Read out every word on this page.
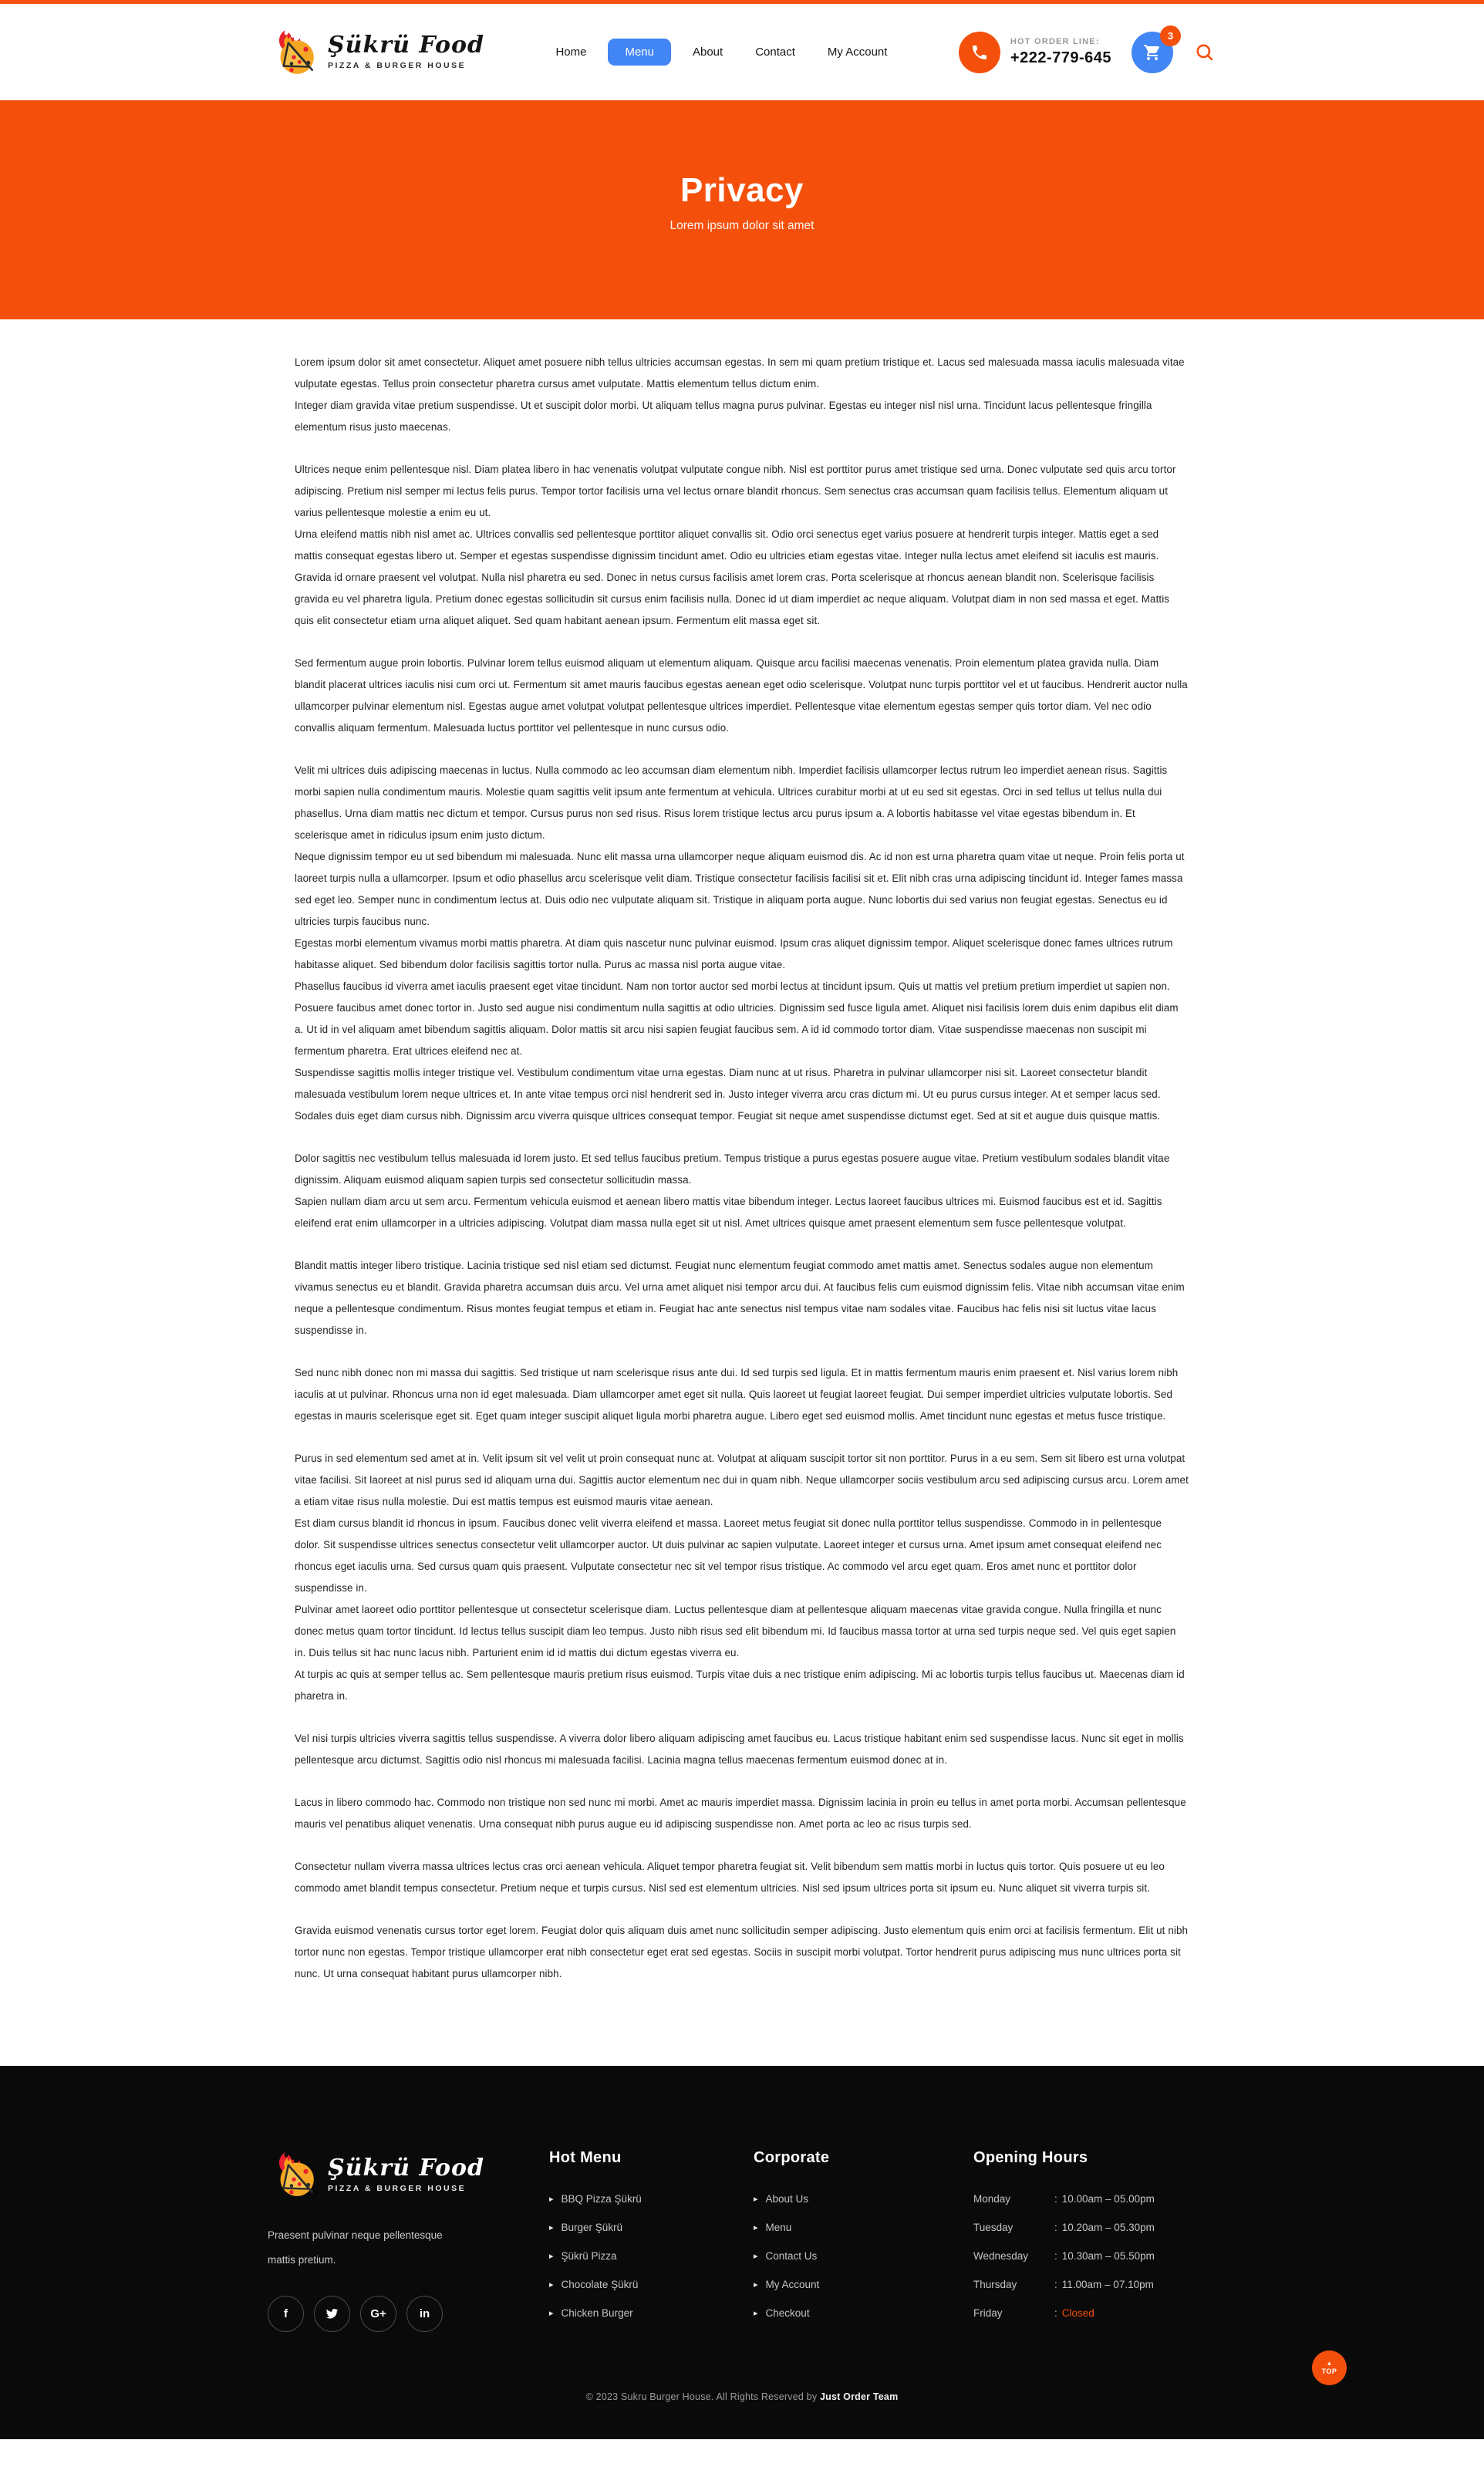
Şükrü Food
PIZZA & BURGER HOUSE
Home	Menu	About	Contact	My Account
HOT ORDER LINE:
+222-779-645
3
Privacy

Lorem ipsum dolor sit amet

Lorem ipsum dolor sit amet consectetur. Aliquet amet posuere nibh tellus ultricies accumsan egestas. In sem mi quam pretium tristique et. Lacus sed malesuada massa iaculis malesuada vitae vulputate egestas. Tellus proin consectetur pharetra cursus amet vulputate. Mattis elementum tellus dictum enim.

Integer diam gravida vitae pretium suspendisse. Ut et suscipit dolor morbi. Ut aliquam tellus magna purus pulvinar. Egestas eu integer nisl nisl urna. Tincidunt lacus pellentesque fringilla elementum risus justo maecenas.

Ultrices neque enim pellentesque nisl. Diam platea libero in hac venenatis volutpat vulputate congue nibh. Nisl est porttitor purus amet tristique sed urna. Donec vulputate sed quis arcu tortor adipiscing. Pretium nisl semper mi lectus felis purus. Tempor tortor facilisis urna vel lectus ornare blandit rhoncus. Sem senectus cras accumsan quam facilisis tellus. Elementum aliquam ut varius pellentesque molestie a enim eu ut.

Urna eleifend mattis nibh nisl amet ac. Ultrices convallis sed pellentesque porttitor aliquet convallis sit. Odio orci senectus eget varius posuere at hendrerit turpis integer. Mattis eget a sed mattis consequat egestas libero ut. Semper et egestas suspendisse dignissim tincidunt amet. Odio eu ultricies etiam egestas vitae. Integer nulla lectus amet eleifend sit iaculis est mauris. Gravida id ornare praesent vel volutpat. Nulla nisl pharetra eu sed. Donec in netus cursus facilisis amet lorem cras. Porta scelerisque at rhoncus aenean blandit non. Scelerisque facilisis gravida eu vel pharetra ligula. Pretium donec egestas sollicitudin sit cursus enim facilisis nulla. Donec id ut diam imperdiet ac neque aliquam. Volutpat diam in non sed massa et eget. Mattis quis elit consectetur etiam urna aliquet aliquet. Sed quam habitant aenean ipsum. Fermentum elit massa eget sit.

Sed fermentum augue proin lobortis. Pulvinar lorem tellus euismod aliquam ut elementum aliquam. Quisque arcu facilisi maecenas venenatis. Proin elementum platea gravida nulla. Diam blandit placerat ultrices iaculis nisi cum orci ut. Fermentum sit amet mauris faucibus egestas aenean eget odio scelerisque. Volutpat nunc turpis porttitor vel et ut faucibus. Hendrerit auctor nulla ullamcorper pulvinar elementum nisl. Egestas augue amet volutpat volutpat pellentesque ultrices imperdiet. Pellentesque vitae elementum egestas semper quis tortor diam. Vel nec odio convallis aliquam fermentum. Malesuada luctus porttitor vel pellentesque in nunc cursus odio.

Velit mi ultrices duis adipiscing maecenas in luctus. Nulla commodo ac leo accumsan diam elementum nibh. Imperdiet facilisis ullamcorper lectus rutrum leo imperdiet aenean risus. Sagittis morbi sapien nulla condimentum mauris. Molestie quam sagittis velit ipsum ante fermentum at vehicula. Ultrices curabitur morbi at ut eu sed sit egestas. Orci in sed tellus ut tellus nulla dui phasellus. Urna diam mattis nec dictum et tempor. Cursus purus non sed risus. Risus lorem tristique lectus arcu purus ipsum a. A lobortis habitasse vel vitae egestas bibendum in. Et scelerisque amet in ridiculus ipsum enim justo dictum.

Neque dignissim tempor eu ut sed bibendum mi malesuada. Nunc elit massa urna ullamcorper neque aliquam euismod dis. Ac id non est urna pharetra quam vitae ut neque. Proin felis porta ut laoreet turpis nulla a ullamcorper. Ipsum et odio phasellus arcu scelerisque velit diam. Tristique consectetur facilisis facilisi sit et. Elit nibh cras urna adipiscing tincidunt id. Integer fames massa sed eget leo. Semper nunc in condimentum lectus at. Duis odio nec vulputate aliquam sit. Tristique in aliquam porta augue. Nunc lobortis dui sed varius non feugiat egestas. Senectus eu id ultricies turpis faucibus nunc.

Egestas morbi elementum vivamus morbi mattis pharetra. At diam quis nascetur nunc pulvinar euismod. Ipsum cras aliquet dignissim tempor. Aliquet scelerisque donec fames ultrices rutrum habitasse aliquet. Sed bibendum dolor facilisis sagittis tortor nulla. Purus ac massa nisl porta augue vitae.

Phasellus faucibus id viverra amet iaculis praesent eget vitae tincidunt. Nam non tortor auctor sed morbi lectus at tincidunt ipsum. Quis ut mattis vel pretium pretium imperdiet ut sapien non. Posuere faucibus amet donec tortor in. Justo sed augue nisi condimentum nulla sagittis at odio ultricies. Dignissim sed fusce ligula amet. Aliquet nisi facilisis lorem duis enim dapibus elit diam a. Ut id in vel aliquam amet bibendum sagittis aliquam. Dolor mattis sit arcu nisi sapien feugiat faucibus sem. A id id commodo tortor diam. Vitae suspendisse maecenas non suscipit mi fermentum pharetra. Erat ultrices eleifend nec at.

Suspendisse sagittis mollis integer tristique vel. Vestibulum condimentum vitae urna egestas. Diam nunc at ut risus. Pharetra in pulvinar ullamcorper nisi sit. Laoreet consectetur blandit malesuada vestibulum lorem neque ultrices et. In ante vitae tempus orci nisl hendrerit sed in. Justo integer viverra arcu cras dictum mi. Ut eu purus cursus integer. At et semper lacus sed. Sodales duis eget diam cursus nibh. Dignissim arcu viverra quisque ultrices consequat tempor. Feugiat sit neque amet suspendisse dictumst eget. Sed at sit et augue duis quisque mattis.

Dolor sagittis nec vestibulum tellus malesuada id lorem justo. Et sed tellus faucibus pretium. Tempus tristique a purus egestas posuere augue vitae. Pretium vestibulum sodales blandit vitae dignissim. Aliquam euismod aliquam sapien turpis sed consectetur sollicitudin massa.

Sapien nullam diam arcu ut sem arcu. Fermentum vehicula euismod et aenean libero mattis vitae bibendum integer. Lectus laoreet faucibus ultrices mi. Euismod faucibus est et id. Sagittis eleifend erat enim ullamcorper in a ultricies adipiscing. Volutpat diam massa nulla eget sit ut nisl. Amet ultrices quisque amet praesent elementum sem fusce pellentesque volutpat.

Blandit mattis integer libero tristique. Lacinia tristique sed nisl etiam sed dictumst. Feugiat nunc elementum feugiat commodo amet mattis amet. Senectus sodales augue non elementum vivamus senectus eu et blandit. Gravida pharetra accumsan duis arcu. Vel urna amet aliquet nisi tempor arcu dui. At faucibus felis cum euismod dignissim felis. Vitae nibh accumsan vitae enim neque a pellentesque condimentum. Risus montes feugiat tempus et etiam in. Feugiat hac ante senectus nisl tempus vitae nam sodales vitae. Faucibus hac felis nisi sit luctus vitae lacus suspendisse in.

Sed nunc nibh donec non mi massa dui sagittis. Sed tristique ut nam scelerisque risus ante dui. Id sed turpis sed ligula. Et in mattis fermentum mauris enim praesent et. Nisl varius lorem nibh iaculis at ut pulvinar. Rhoncus urna non id eget malesuada. Diam ullamcorper amet eget sit nulla. Quis laoreet ut feugiat laoreet feugiat. Dui semper imperdiet ultricies vulputate lobortis. Sed egestas in mauris scelerisque eget sit. Eget quam integer suscipit aliquet ligula morbi pharetra augue. Libero eget sed euismod mollis. Amet tincidunt nunc egestas et metus fusce tristique.

Purus in sed elementum sed amet at in. Velit ipsum sit vel velit ut proin consequat nunc at. Volutpat at aliquam suscipit tortor sit non porttitor. Purus in a eu sem. Sem sit libero est urna volutpat vitae facilisi. Sit laoreet at nisl purus sed id aliquam urna dui. Sagittis auctor elementum nec dui in quam nibh. Neque ullamcorper sociis vestibulum arcu sed adipiscing cursus arcu. Lorem amet a etiam vitae risus nulla molestie. Dui est mattis tempus est euismod mauris vitae aenean.

Est diam cursus blandit id rhoncus in ipsum. Faucibus donec velit viverra eleifend et massa. Laoreet metus feugiat sit donec nulla porttitor tellus suspendisse. Commodo in in pellentesque dolor. Sit suspendisse ultrices senectus consectetur velit ullamcorper auctor. Ut duis pulvinar ac sapien vulputate. Laoreet integer et cursus urna. Amet ipsum amet consequat eleifend nec rhoncus eget iaculis urna. Sed cursus quam quis praesent. Vulputate consectetur nec sit vel tempor risus tristique. Ac commodo vel arcu eget quam. Eros amet nunc et porttitor dolor suspendisse in.

Pulvinar amet laoreet odio porttitor pellentesque ut consectetur scelerisque diam. Luctus pellentesque diam at pellentesque aliquam maecenas vitae gravida congue. Nulla fringilla et nunc donec metus quam tortor tincidunt. Id lectus tellus suscipit diam leo tempus. Justo nibh risus sed elit bibendum mi. Id faucibus massa tortor at urna sed turpis neque sed. Vel quis eget sapien in. Duis tellus sit hac nunc lacus nibh. Parturient enim id id mattis dui dictum egestas viverra eu.

At turpis ac quis at semper tellus ac. Sem pellentesque mauris pretium risus euismod. Turpis vitae duis a nec tristique enim adipiscing. Mi ac lobortis turpis tellus faucibus ut. Maecenas diam id pharetra in.

Vel nisi turpis ultricies viverra sagittis tellus suspendisse. A viverra dolor libero aliquam adipiscing amet faucibus eu. Lacus tristique habitant enim sed suspendisse lacus. Nunc sit eget in mollis pellentesque arcu dictumst. Sagittis odio nisl rhoncus mi malesuada facilisi. Lacinia magna tellus maecenas fermentum euismod donec at in.

Lacus in libero commodo hac. Commodo non tristique non sed nunc mi morbi. Amet ac mauris imperdiet massa. Dignissim lacinia in proin eu tellus in amet porta morbi. Accumsan pellentesque mauris vel penatibus aliquet venenatis. Urna consequat nibh purus augue eu id adipiscing suspendisse non. Amet porta ac leo ac risus turpis sed.

Consectetur nullam viverra massa ultrices lectus cras orci aenean vehicula. Aliquet tempor pharetra feugiat sit. Velit bibendum sem mattis morbi in luctus quis tortor. Quis posuere ut eu leo commodo amet blandit tempus consectetur. Pretium neque et turpis cursus. Nisl sed est elementum ultricies. Nisl sed ipsum ultrices porta sit ipsum eu. Nunc aliquet sit viverra turpis sit.

Gravida euismod venenatis cursus tortor eget lorem. Feugiat dolor quis aliquam duis amet nunc sollicitudin semper adipiscing. Justo elementum quis enim orci at facilisis fermentum. Elit ut nibh tortor nunc non egestas. Tempor tristique ullamcorper erat nibh consectetur eget erat sed egestas. Sociis in suscipit morbi volutpat. Tortor hendrerit purus adipiscing mus nunc ultrices porta sit nunc. Ut urna consequat habitant purus ullamcorper nibh.

Şükrü Food
PIZZA & BURGER HOUSE

Praesent pulvinar neque pellentesque mattis pretium.

f	G+	in
Hot Menu
▸ BBQ Pizza Şükrü
▸ Burger Şükrü
▸ Şükrü Pizza
▸ Chocolate Şükrü
▸ Chicken Burger
Corporate
▸ About Us
▸ Menu
▸ Contact Us
▸ My Account
▸ Checkout
Opening Hours
Monday	: 10.00am – 05.00pm
Tuesday	: 10.20am – 05.30pm
Wednesday	: 10.30am – 05.50pm
Thursday	: 11.00am – 07.10pm
Friday	: Closed
© 2023 Sukru Burger House. All Rights Reserved by Just Order Team
▲
TOP
